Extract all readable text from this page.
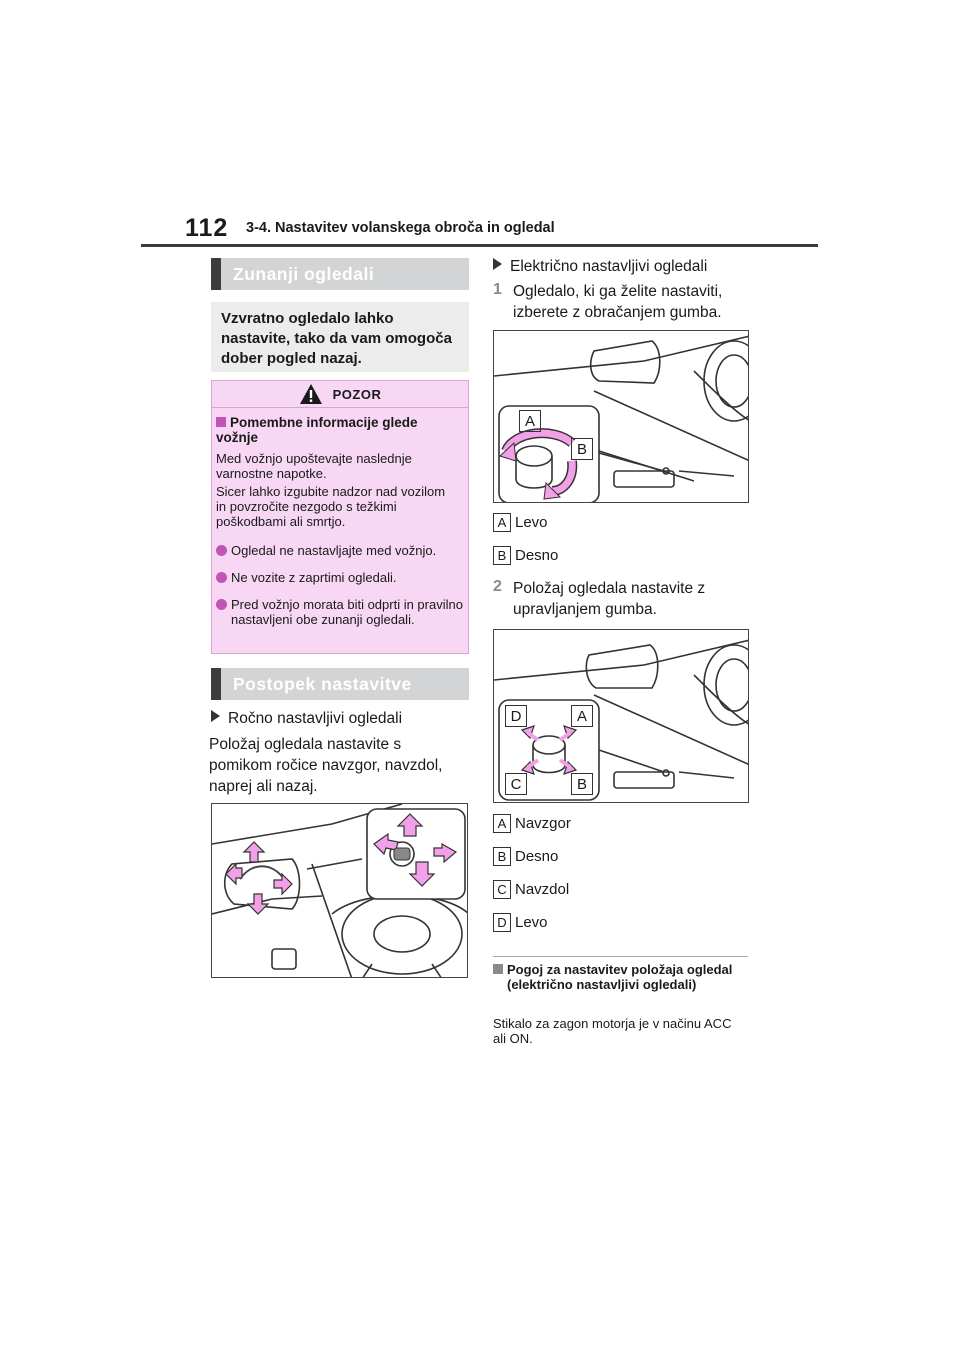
112 3-4. Nastavitev volanskega obroča in ogledal
Zunanji ogledali
Vzvratno ogledalo lahko nastavite, tako da vam omogoča dober pogled nazaj.
POZOR
Pomembne informacije glede vožnje
Med vožnjo upoštevajte naslednje varnostne napotke.
Sicer lahko izgubite nadzor nad vozilom in povzročite nezgodo s težkimi poškodbami ali smrtjo.
Ogledal ne nastavljajte med vožnjo.
Ne vozite z zaprtimi ogledali.
Pred vožnjo morata biti odprti in pravilno nastavljeni obe zunanji ogledali.
Postopek nastavitve
Ročno nastavljivi ogledali
Položaj ogledala nastavite s pomikom ročice navzgor, navzdol, naprej ali nazaj.
Električno nastavljivi ogledali
1 Ogledalo, ki ga želite nastaviti, izberete z obračanjem gumba.
A
B
A Levo
B Desno
2 Položaj ogledala nastavite z upravljanjem gumba.
D	A
C	B
A Navzgor
B Desno
C Navzdol
D Levo
Pogoj za nastavitev položaja ogledal (električno nastavljivi ogledali)
Stikalo za zagon motorja je v načinu ACC ali ON.
